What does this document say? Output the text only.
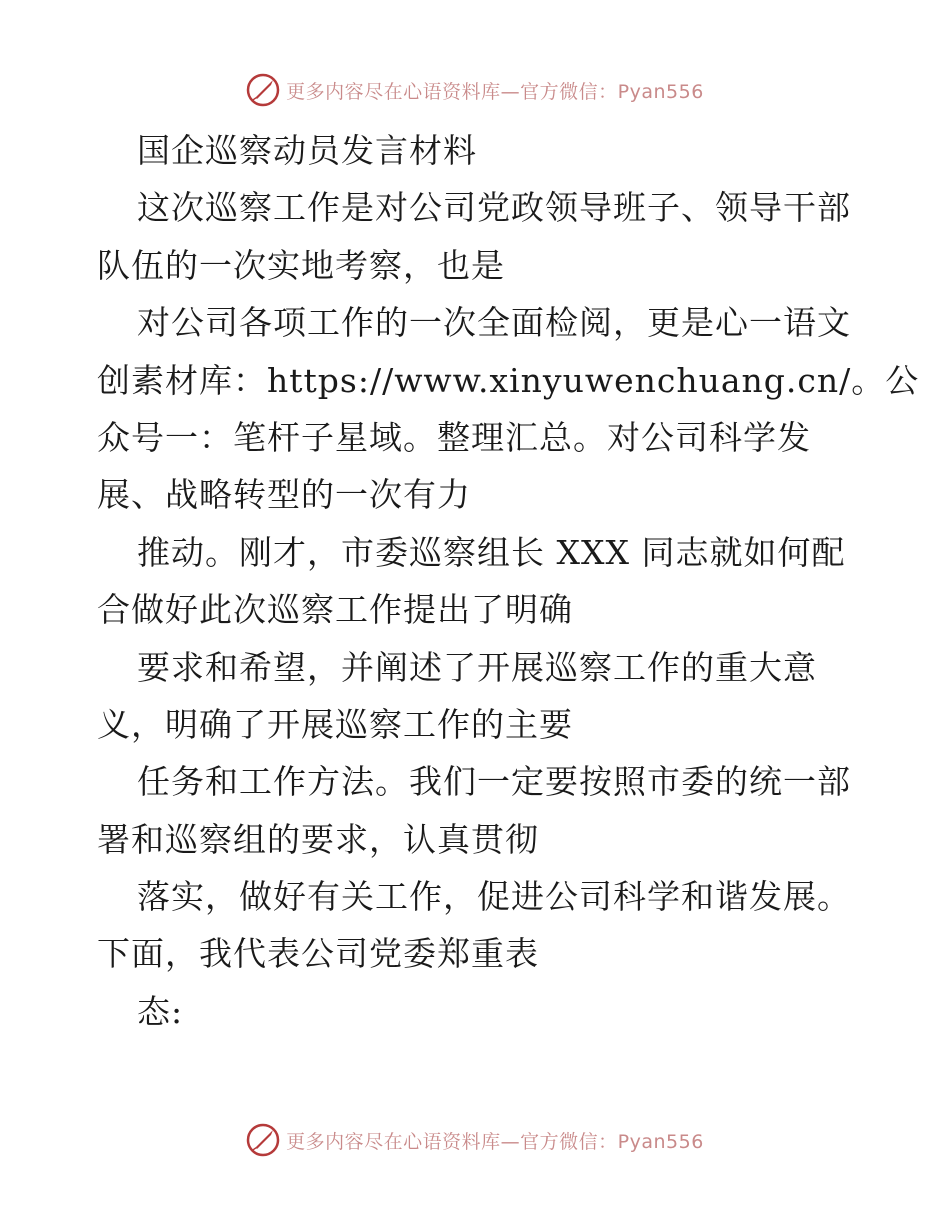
更多内容尽在心语资料库—官方微信：Pyan556
国企巡察动员发言材料
这次巡察工作是对公司党政领导班子、领导干部
队伍的一次实地考察，也是
对公司各项工作的一次全面检阅，更是心一语文
创素材库：https://www.xinyuwenchuang.cn/。公
众号一：笔杆子星域。整理汇总。对公司科学发
展、战略转型的一次有力
推动。刚才，市委巡察组长 XXX 同志就如何配
合做好此次巡察工作提出了明确
要求和希望，并阐述了开展巡察工作的重大意
义，明确了开展巡察工作的主要
任务和工作方法。我们一定要按照市委的统一部
署和巡察组的要求，认真贯彻
落实，做好有关工作，促进公司科学和谐发展。
下面，我代表公司党委郑重表
态:
更多内容尽在心语资料库—官方微信：Pyan556
